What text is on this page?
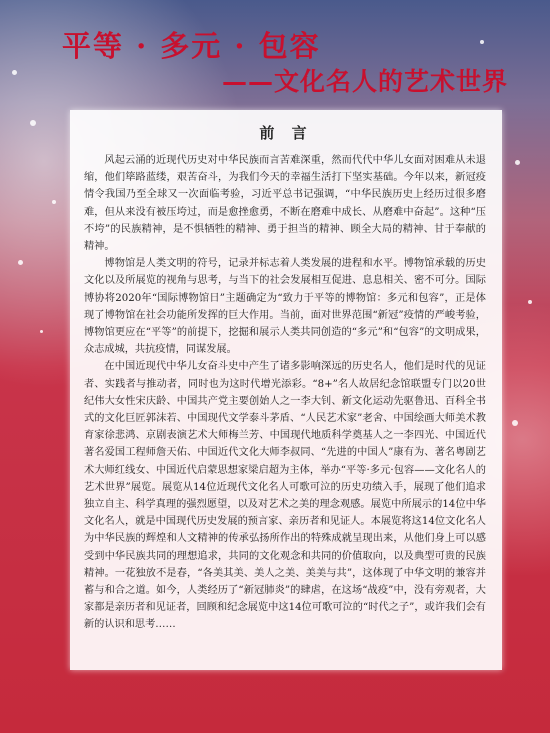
平等 · 多元 · 包容
——文化名人的艺术世界
前 言

风起云涌的近现代历史对中华民族而言苦难深重，然而代代中华儿女面对困难从未退缩，他们筚路蓝缕，艰苦奋斗，为我们今天的幸福生活打下坚实基础。今年以来，新冠疫情令我国乃至全球又一次面临考验，习近平总书记强调，“中华民族历史上经历过很多磨难，但从来没有被压垮过，而是愈挫愈勇，不断在磨难中成长、从磨难中奋起”。这种“压不垮”的民族精神，是不惧牺牲的精神、勇于担当的精神、顾全大局的精神、甘于奉献的精神。

博物馆是人类文明的符号，记录并标志着人类发展的进程和水平。博物馆承载的历史文化以及所展览的视角与思考，与当下的社会发展相互促进、息息相关、密不可分。国际博协将2020年“国际博物馆日”主题确定为“致力于平等的博物馆：多元和包容”，正是体现了博物馆在社会功能所发挥的巨大作用。当前，面对世界范围“新冠”疫情的严峻考验，博物馆更应在“平等”的前提下，挖掘和展示人类共同创造的“多元”和“包容”的文明成果，众志成城，共抗疫情，同谋发展。

在中国近现代中华儿女奋斗史中产生了诸多影响深远的历史名人，他们是时代的见证者、实践者与推动者，同时也为这时代增光添彩。“8+”名人故居纪念馆联盟专门以20世纪伟大女性宋庆龄、中国共产党主要创始人之一李大钊、新文化运动先驱鲁迅、百科全书式的文化巨匠郭沫若、中国现代文学泰斗茅盾、“人民艺术家”老舍、中国绘画大师美术教育家徐悲鸿、京剧表演艺术大师梅兰芳、中国现代地质科学奠基人之一李四光、中国近代著名爱国工程师詹天佑、中国近代文化大师李叔同、“先进的中国人”康有为、著名粤剧艺术大师红线女、中国近代启蒙思想家梁启超为主体，举办“平等·多元·包容——文化名人的艺术世界”展览。展览从14位近现代文化名人可歌可泣的历史功绩入手，展现了他们追求独立自主、科学真理的强烈愿望，以及对艺术之美的理念观感。展览中所展示的14位中华文化名人，就是中国现代历史发展的预言家、亲历者和见证人。本展览将这14位文化名人为中华民族的辉煌和人文精神的传承弘扬所作出的特殊成就呈现出来，从他们身上可以感受到中华民族共同的理想追求，共同的文化观念和共同的价值取向，以及典型可贵的民族精神。一花独放不是春，“各美其美、美人之美、美美与共”，这体现了中华文明的兼容并蓄与和合之道。如今，人类经历了“新冠肺炎”的肆虐，在这场“战疫”中，没有旁观者，大家都是亲历者和见证者，回顾和纪念展览中这14位可歌可泣的“时代之子”，或许我们会有新的认识和思考……
